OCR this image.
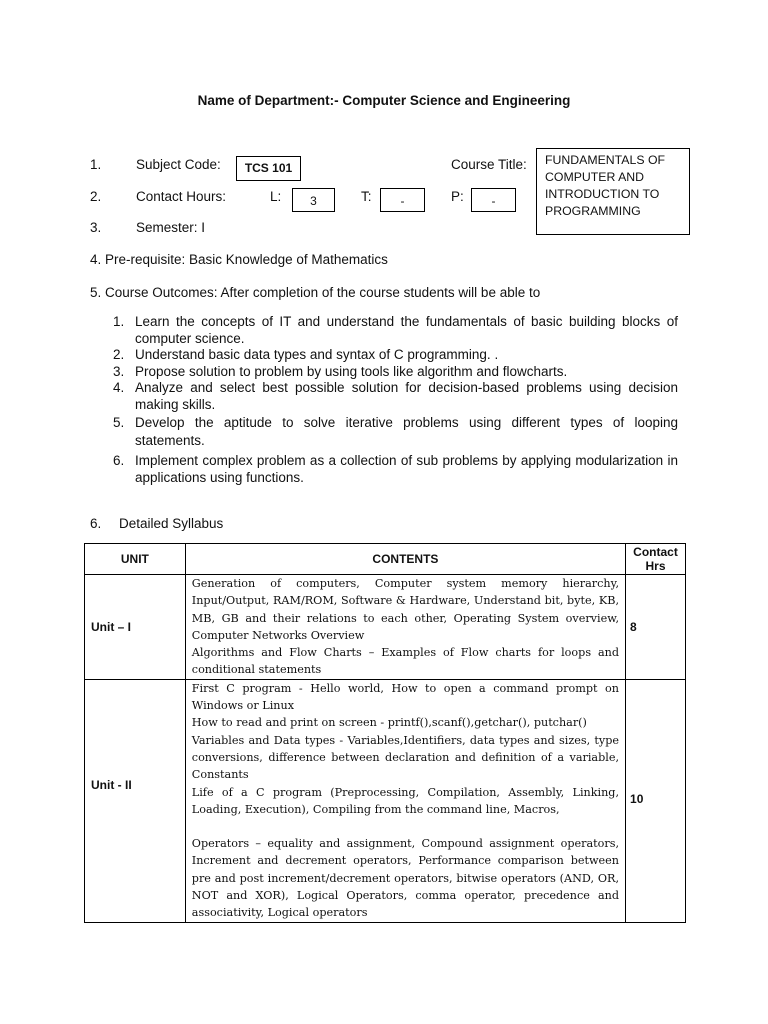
Name of Department:- Computer Science and Engineering
1.	Subject Code:	TCS 101	Course Title:	FUNDAMENTALS OF COMPUTER AND INTRODUCTION TO PROGRAMMING
2.	Contact Hours:	L:	3	T:	-	P:	-
3.	Semester: I
4. Pre-requisite: Basic Knowledge of Mathematics
5. Course Outcomes: After completion of the course students will be able to
1. Learn the concepts of IT and understand the fundamentals of basic building blocks of computer science.
2. Understand basic data types and syntax of C programming. .
3. Propose solution to problem by using tools like algorithm and flowcharts.
4. Analyze and select best possible solution for decision-based problems using decision making skills.
5. Develop the aptitude to solve iterative problems using different types of looping statements.
6. Implement complex problem as a collection of sub problems by applying modularization in applications using functions.
6. Detailed Syllabus
UNIT	CONTENTS	Contact Hrs
Unit – I	Generation of computers, Computer system memory hierarchy, Input/Output, RAM/ROM, Software & Hardware, Understand bit, byte, KB, MB, GB and their relations to each other, Operating System overview, Computer Networks Overview

Algorithms and Flow Charts – Examples of Flow charts for loops and conditional statements	8
Unit - II	First C program - Hello world, How to open a command prompt on Windows or Linux

How to read and print on screen - printf(),scanf(),getchar(), putchar()

Variables and Data types - Variables,Identifiers, data types and sizes, type conversions, difference between declaration and definition of a variable, Constants

Life of a C program (Preprocessing, Compilation, Assembly, Linking, Loading, Execution), Compiling from the command line, Macros,

Operators – equality and assignment, Compound assignment operators, Increment and decrement operators, Performance comparison between pre and post increment/decrement operators, bitwise operators (AND, OR, NOT and XOR), Logical Operators, comma operator, precedence and associativity, Logical operators	10
